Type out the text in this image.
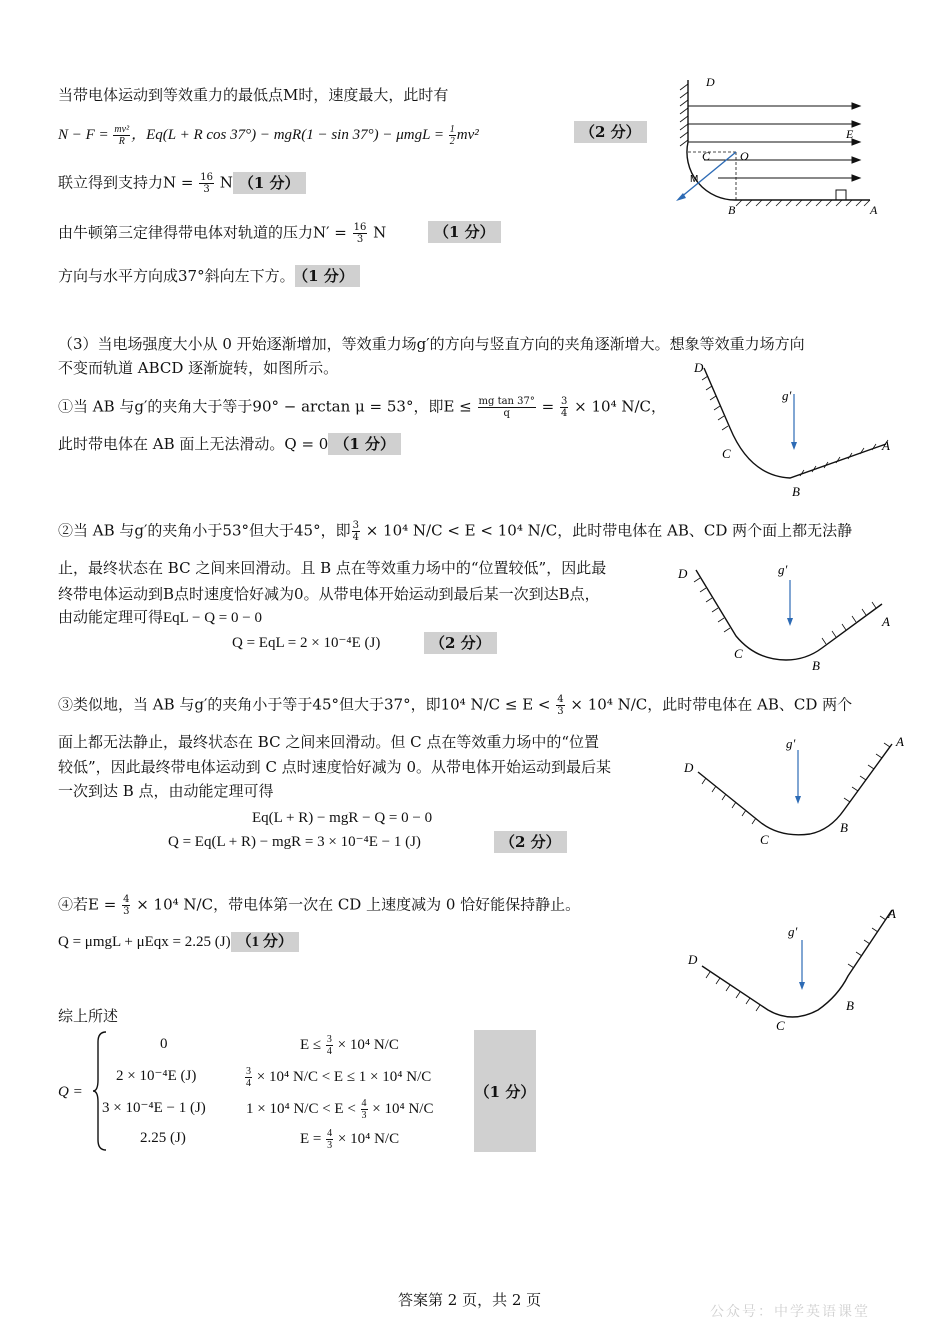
当带电体运动到等效重力的最低点M时，速度最大，此时有
$N - F = \frac{\text{mv²}}{R}$ ，Eq(L + R $\cos 37^\circ) - mgR(1 - \sin 37^\circ) - \mu mgL = \frac{1}{2} mv^2$	（2 分）
联立得到支持力$N = \frac{16}{3}$ N （1 分）
由牛顿第三定律得带电体对轨道的压力$N' = \frac{16}{3}$ N	（1 分）
方向与水平方向成37°斜向左下方。 （1 分）
D
E
C O
M
B	A
（3）当电场强度大小从 0 开始逐渐增加，等效重力场g′的方向与竖直方向的夹角逐渐增大。想象等效重力场方向
不变而轨道 ABCD 逐渐旋转，如图所示。
①当 AB 与g′的夹角大于等于90° − arctan μ = 53°，即$E \le \frac{\text{mg tan 37°}}{q} = \frac{3}{4} \times 10^4$ N/C，
此时带电体在 AB 面上无法滑动。Q = 0 （1 分）
②当 AB 与g′的夹角小于53°但大于45°，即 $\frac{3}{4} \times 10^4$ N/C < E < 10⁴ N/C，此时带电体在 AB、CD 两个面上都无法静
止，最终状态在 BC 之间来回滑动。且 B 点在等效重力场中的“位置较低”，因此最
终带电体运动到B点时速度恰好减为0。从带电体开始运动到最后某一次到达B点，
由动能定理可得EqL − Q = 0 − 0
Q = EqL = 2 × 10⁻⁴E (J)	（2 分）
③类似地，当 AB 与g′的夹角小于等于45°但大于37°，即10⁴ $N/C \le E < \frac{4}{3} \times 10^4$ N/C，此时带电体在 AB、CD 两个
面上都无法静止，最终状态在 BC 之间来回滑动。但 C 点在等效重力场中的“位置
较低”，因此最终带电体运动到 C 点时速度恰好减为 0。从带电体开始运动到最后某
一次到达 B 点，由动能定理可得
Eq(L + R) − mgR − Q = 0 − 0
Q = Eq(L + R) − mgR = 3 × 10⁻⁴E − 1 (J)	（2 分）
④若$E = \frac{4}{3} \times 10^4$ N/C，带电体第一次在 CD 上速度减为 0 恰好能保持静止。
Q = μmgL + μEqx = 2.25 (J) （1 分）
综上所述
Q =
0	$E \le \frac{3}{4} \times 10^4$ N/C
2 × 10⁻⁴E (J)	$\frac{3}{4} \times 10^4$ N/C < E ≤ 1 × 10⁴ N/C
3 × 10⁻⁴E − 1 (J)	1 × 10⁴ $N/C < E < \frac{4}{3} \times 10^4$ N/C
2.25 (J)	$E = \frac{4}{3} \times 10^4$ N/C
（1 分）
g′
D
C
B
A
g′
D
C
B
A
g′
D
C
B
A
g′
D
C
B
A
答案第 2 页，共 2 页
公众号：中学英语课堂
